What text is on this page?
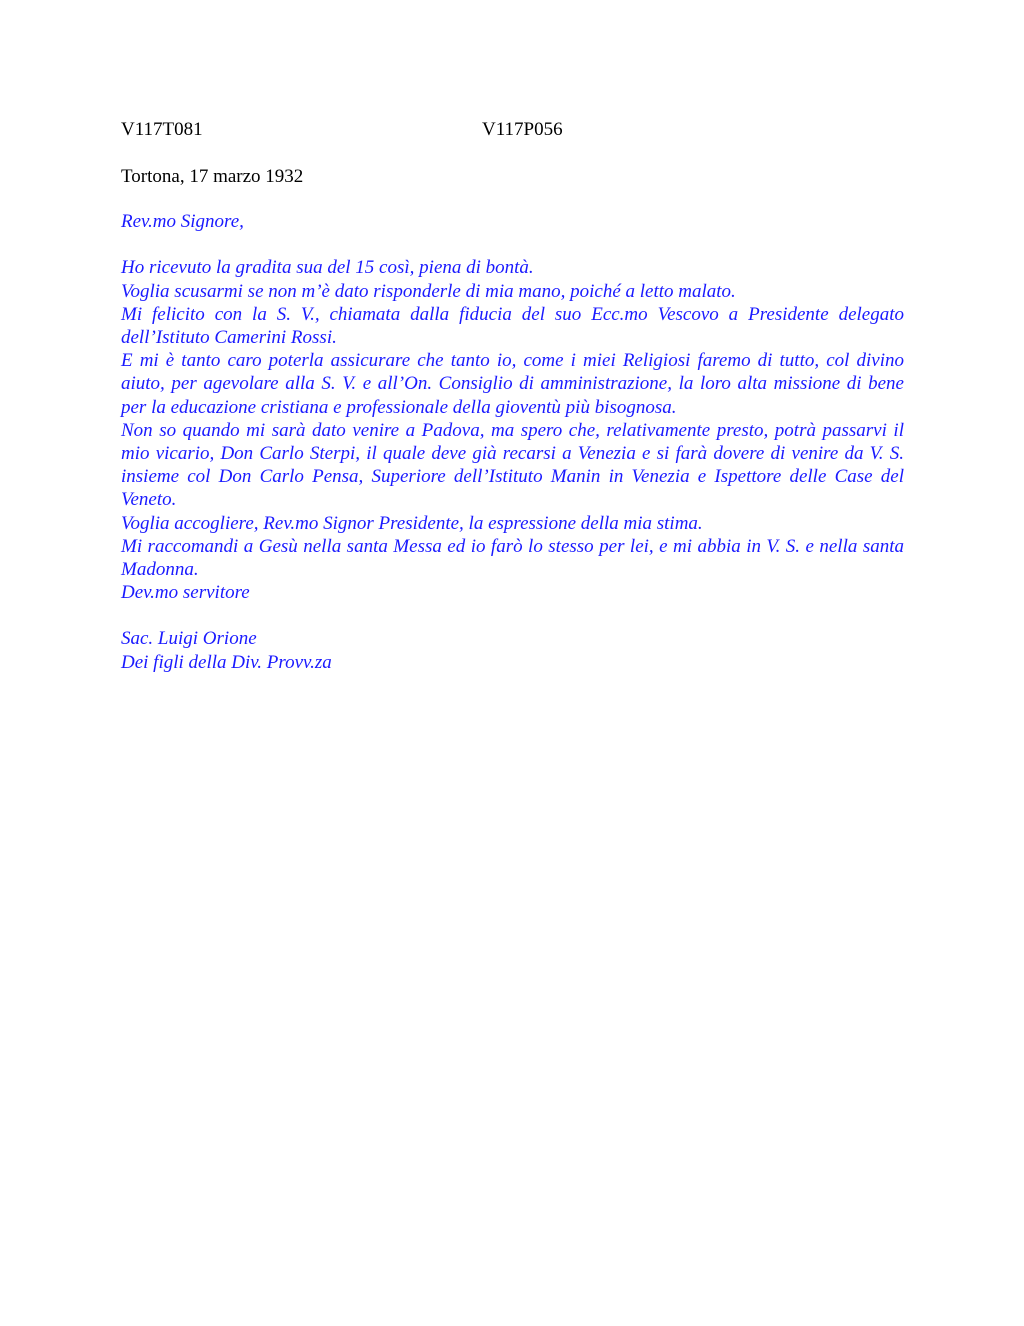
V117T081	V117P056
Tortona, 17 marzo 1932
Rev.mo Signore,

Ho ricevuto la gradita sua del 15 così, piena di bontà.

Voglia scusarmi se non m’è dato risponderle di mia mano, poiché a letto malato.

Mi felicito con la S. V., chiamata dalla fiducia del suo Ecc.mo Vescovo a Presidente delegato dell’Istituto Camerini Rossi.

E mi è tanto caro poterla assicurare che tanto io, come i miei Religiosi faremo di tutto, col divino aiuto, per agevolare alla S. V. e all’On. Consiglio di amministrazione, la loro alta missione di bene per la educazione cristiana e professionale della gioventù più bisognosa.

Non so quando mi sarà dato venire a Padova, ma spero che, relativamente presto, potrà passarvi il mio vicario, Don Carlo Sterpi, il quale deve già recarsi a Venezia e si farà dovere di venire da V. S. insieme col Don Carlo Pensa, Superiore dell’Istituto Manin in Venezia e Ispettore delle Case del Veneto.

Voglia accogliere, Rev.mo Signor Presidente, la espressione della mia stima.

Mi raccomandi a Gesù nella santa Messa ed io farò lo stesso per lei, e mi abbia in V. S. e nella santa Madonna.

Dev.mo servitore

Sac. Luigi Orione

Dei figli della Div. Provv.za
